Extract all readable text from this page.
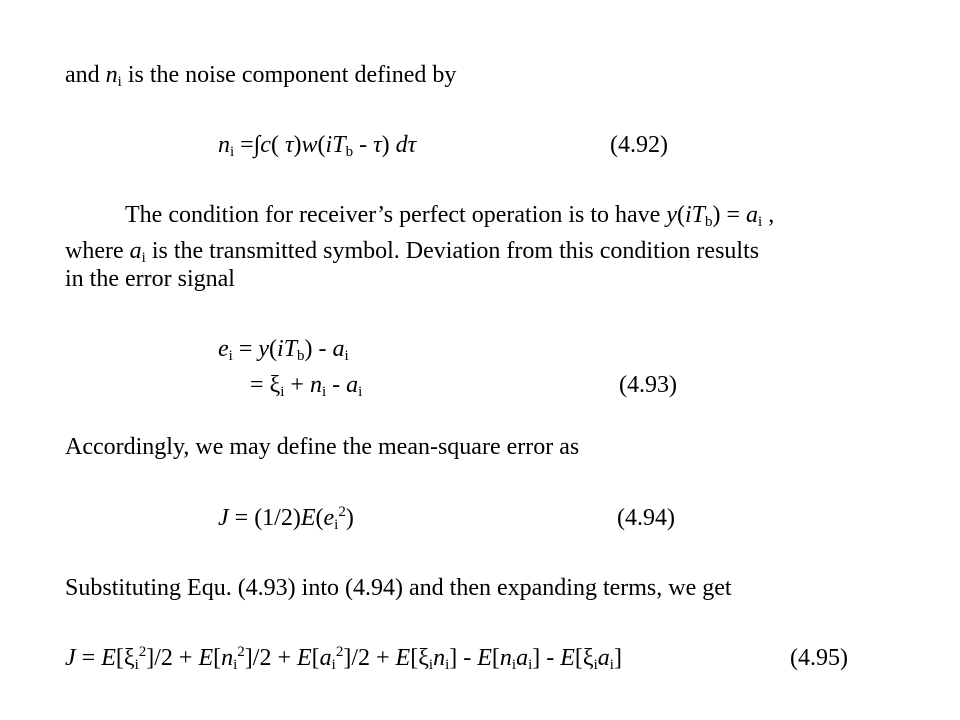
and $n_i$ is the noise component defined by
$n_i =\int c$( $\tau)w(iT_b - \tau)$ dτ	(4.92)
The condition for receiver’s perfect operation is to have $y(iT_b) = a_i$ ,
where $a_i$ is the transmitted symbol. Deviation from this condition results
in the error signal
$e_i = y(iT_b) - a_i$
= $\xi_i + n_i - a_i$	(4.93)
Accordingly, we may define the mean-square error as
$J = (1/2)E(e_i^2)$	(4.94)
Substituting Equ. (4.93) into (4.94) and then expanding terms, we get
$J = E[\xi_i^2]/2 + E[n_i^2]/2 + E[a_i^2]/2 + E[\xi_in_i] - E[n_ia_i] - E[\xi_ia_i]$	(4.95)
